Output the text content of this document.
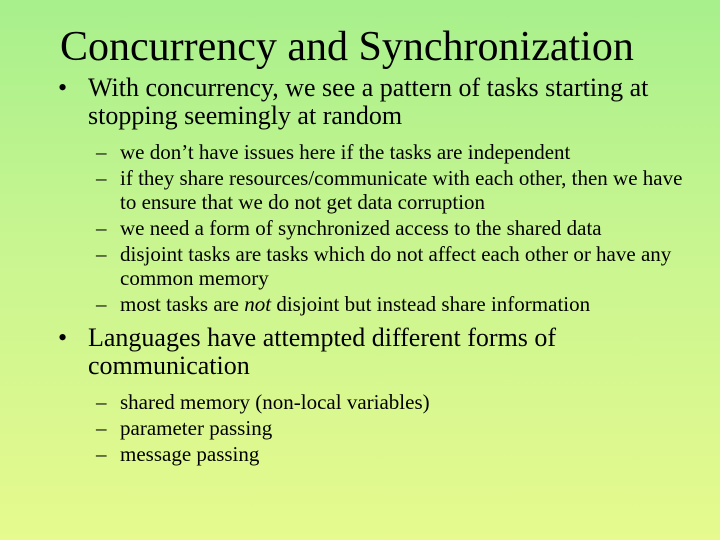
Concurrency and Synchronization
• With concurrency, we see a pattern of tasks starting at stopping seemingly at random
– we don’t have issues here if the tasks are independent
– if they share resources/communicate with each other, then we have to ensure that we do not get data corruption
– we need a form of synchronized access to the shared data
– disjoint tasks are tasks which do not affect each other or have any common memory
– most tasks are not disjoint but instead share information
• Languages have attempted different forms of communication
– shared memory (non-local variables)
– parameter passing
– message passing
